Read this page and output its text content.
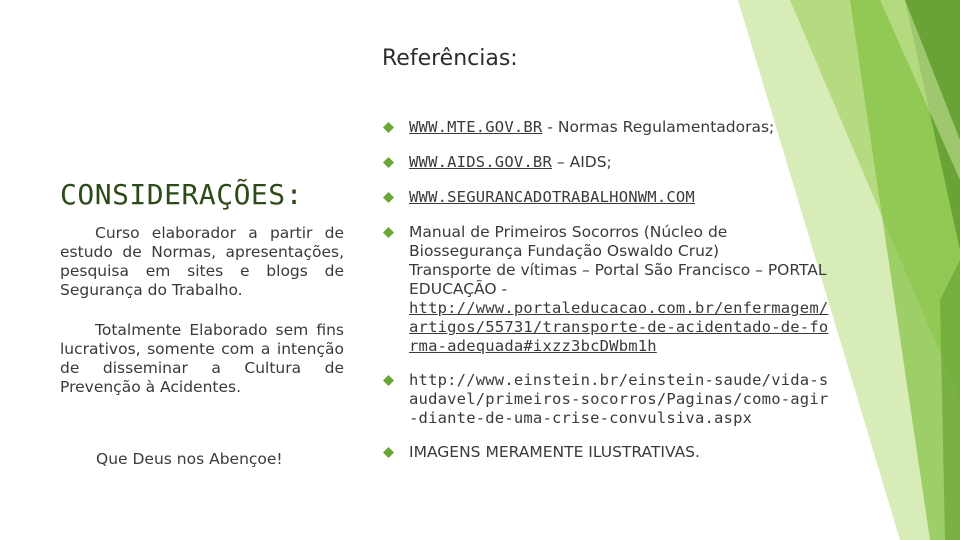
Referências:
CONSIDERAÇÕES:
Curso elaborador a partir de estudo de Normas, apresentações, pesquisa em sites e blogs de Segurança do Trabalho.
Totalmente Elaborado sem fins lucrativos, somente com a intenção de disseminar a Cultura de Prevenção à Acidentes.
Que Deus nos Abençoe!
WWW.MTE.GOV.BR - Normas Regulamentadoras;
WWW.AIDS.GOV.BR – AIDS;
WWW.SEGURANCADOTRABALHONWM.COM
Manual de Primeiros Socorros (Núcleo de Biossegurança Fundação Oswaldo Cruz)
Transporte de vítimas – Portal São Francisco – PORTAL EDUCAÇÃO -
http://www.portaleducacao.com.br/enfermagem/artigos/55731/transporte-de-acidentado-de-forma-adequada#ixzz3bcDWbm1h
http://www.einstein.br/einstein-saude/vida-saudavel/primeiros-socorros/Paginas/como-agir-diante-de-uma-crise-convulsiva.aspx
IMAGENS MERAMENTE ILUSTRATIVAS.
